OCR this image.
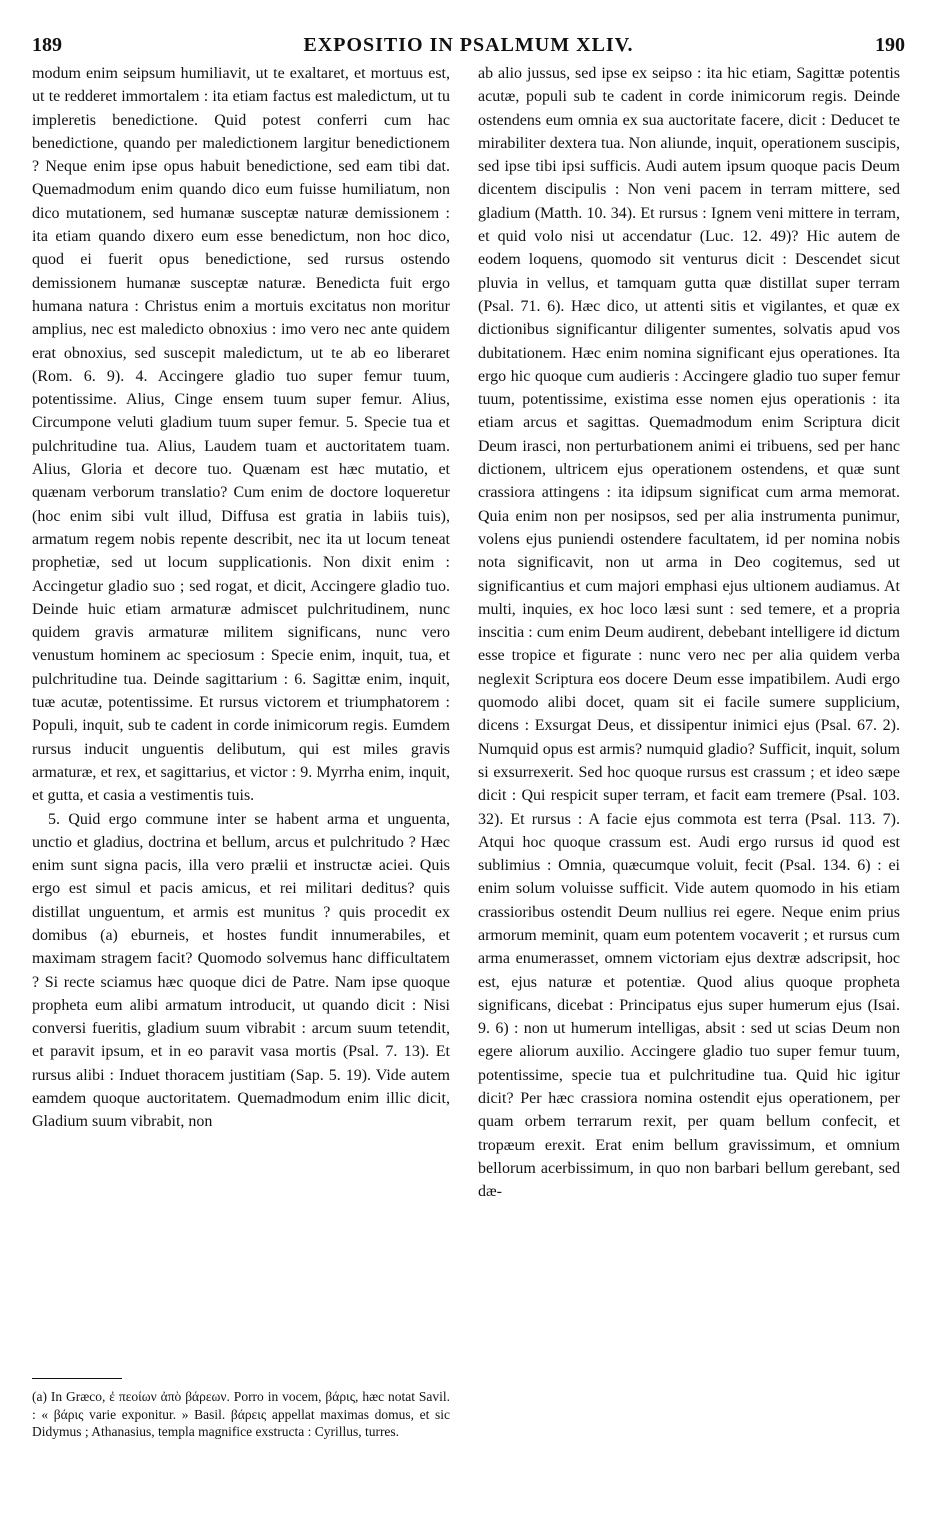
189	EXPOSITIO IN PSALMUM XLIV.	190

modum enim seipsum humiliavit, ut te exaltaret, et mortuus est, ut te redderet immortalem : ita etiam factus est maledictum, ut tu impleretis benedictione. Quid potest conferri cum hac benedictione, quando per maledictionem largitur benedictionem ? Neque enim ipse opus habuit benedictione, sed eam tibi dat. Quemadmodum enim quando dico eum fuisse humiliatum, non dico mutationem, sed humanæ susceptæ naturæ demissionem : ita etiam quando dixero eum esse benedictum, non hoc dico, quod ei fuerit opus benedictione, sed rursus ostendo demissionem humanæ susceptæ naturæ. Benedicta fuit ergo humana natura : Christus enim a mortuis excitatus non moritur amplius, nec est maledicto obnoxius : imo vero nec ante quidem erat obnoxius, sed suscepit maledictum, ut te ab eo liberaret (Rom. 6. 9). 4. Accingere gladio tuo super femur tuum, potentissime. Alius, Cinge ensem tuum super femur. Alius, Circumpone veluti gladium tuum super femur. 5. Specie tua et pulchritudine tua. Alius, Laudem tuam et auctoritatem tuam. Alius, Gloria et decore tuo. Quænam est hæc mutatio, et quænam verborum translatio? Cum enim de doctore loqueretur (hoc enim sibi vult illud, Diffusa est gratia in labiis tuis), armatum regem nobis repente describit, nec ita ut locum teneat prophetiæ, sed ut locum supplicationis. Non dixit enim : Accingetur gladio suo ; sed rogat, et dicit, Accingere gladio tuo. Deinde huic etiam armaturæ admiscet pulchritudinem, nunc quidem gravis armaturæ militem significans, nunc vero venustum hominem ac speciosum : Specie enim, inquit, tua, et pulchritudine tua. Deinde sagittarium : 6. Sagittæ enim, inquit, tuæ acutæ, potentissime. Et rursus victorem et triumphatorem : Populi, inquit, sub te cadent in corde inimicorum regis. Eumdem rursus inducit unguentis delibutum, qui est miles gravis armaturæ, et rex, et sagittarius, et victor : 9. Myrrha enim, inquit, et gutta, et casia a vestimentis tuis.

5. Quid ergo commune inter se habent arma et unguenta, unctio et gladius, doctrina et bellum, arcus et pulchritudo ? Hæc enim sunt signa pacis, illa vero prælii et instructæ aciei. Quis ergo est simul et pacis amicus, et rei militari deditus? quis distillat unguentum, et armis est munitus ? quis procedit ex domibus (a) eburneis, et hostes fundit innumerabiles, et maximam stragem facit? Quomodo solvemus hanc difficultatem ? Si recte sciamus hæc quoque dici de Patre. Nam ipse quoque propheta eum alibi armatum introducit, ut quando dicit : Nisi conversi fueritis, gladium suum vibrabit : arcum suum tetendit, et paravit ipsum, et in eo paravit vasa mortis (Psal. 7. 13). Et rursus alibi : Induet thoracem justitiam (Sap. 5. 19). Vide autem eamdem quoque auctoritatem. Quemadmodum enim illic dicit, Gladium suum vibrabit, non

ab alio jussus, sed ipse ex seipso : ita hic etiam, Sagittæ potentis acutæ, populi sub te cadent in corde inimicorum regis. Deinde ostendens eum omnia ex sua auctoritate facere, dicit : Deducet te mirabiliter dextera tua. Non aliunde, inquit, operationem suscipis, sed ipse tibi ipsi sufficis. Audi autem ipsum quoque pacis Deum dicentem discipulis : Non veni pacem in terram mittere, sed gladium (Matth. 10. 34). Et rursus : Ignem veni mittere in terram, et quid volo nisi ut accendatur (Luc. 12. 49)? Hic autem de eodem loquens, quomodo sit venturus dicit : Descendet sicut pluvia in vellus, et tamquam gutta quæ distillat super terram (Psal. 71. 6). Hæc dico, ut attenti sitis et vigilantes, et quæ ex dictionibus significantur diligenter sumentes, solvatis apud vos dubitationem. Hæc enim nomina significant ejus operationes. Ita ergo hic quoque cum audieris : Accingere gladio tuo super femur tuum, potentissime, existima esse nomen ejus operationis : ita etiam arcus et sagittas. Quemadmodum enim Scriptura dicit Deum irasci, non perturbationem animi ei tribuens, sed per hanc dictionem, ultricem ejus operationem ostendens, et quæ sunt crassiora attingens : ita idipsum significat cum arma memorat. Quia enim non per nosipsos, sed per alia instrumenta punimur, volens ejus puniendi ostendere facultatem, id per nomina nobis nota significavit, non ut arma in Deo cogitemus, sed ut significantius et cum majori emphasi ejus ultionem audiamus. At multi, inquies, ex hoc loco læsi sunt : sed temere, et a propria inscitia : cum enim Deum audirent, debebant intelligere id dictum esse tropice et figurate : nunc vero nec per alia quidem verba neglexit Scriptura eos docere Deum esse impatibilem. Audi ergo quomodo alibi docet, quam sit ei facile sumere supplicium, dicens : Exsurgat Deus, et dissipentur inimici ejus (Psal. 67. 2). Numquid opus est armis? numquid gladio? Sufficit, inquit, solum si exsurrexerit. Sed hoc quoque rursus est crassum ; et ideo sæpe dicit : Qui respicit super terram, et facit eam tremere (Psal. 103. 32). Et rursus : A facie ejus commota est terra (Psal. 113. 7). Atqui hoc quoque crassum est. Audi ergo rursus id quod est sublimius : Omnia, quæcumque voluit, fecit (Psal. 134. 6) : ei enim solum voluisse sufficit. Vide autem quomodo in his etiam crassioribus ostendit Deum nullius rei egere. Neque enim prius armorum meminit, quam eum potentem vocaverit ; et rursus cum arma enumerasset, omnem victoriam ejus dextræ adscripsit, hoc est, ejus naturæ et potentiæ. Quod alius quoque propheta significans, dicebat : Principatus ejus super humerum ejus (Isai. 9. 6) : non ut humerum intelligas, absit : sed ut scias Deum non egere aliorum auxilio. Accingere gladio tuo super femur tuum, potentissime, specie tua et pulchritudine tua. Quid hic igitur dicit? Per hæc crassiora nomina ostendit ejus operationem, per quam orbem terrarum rexit, per quam bellum confecit, et tropæum erexit. Erat enim bellum gravissimum, et omnium bellorum acerbissimum, in quo non barbari bellum gerebant, sed dæ-

(a) In Græco, ἐ πεοίων ἀπὸ βάρεων. Porro in vocem, βάρις, hæc notat Savil. : « βάρις varie exponitur. » Basil. βάρεις appellat maximas domus, et sic Didymus ; Athanasius, templa magnifice exstructa : Cyrillus, turres.
